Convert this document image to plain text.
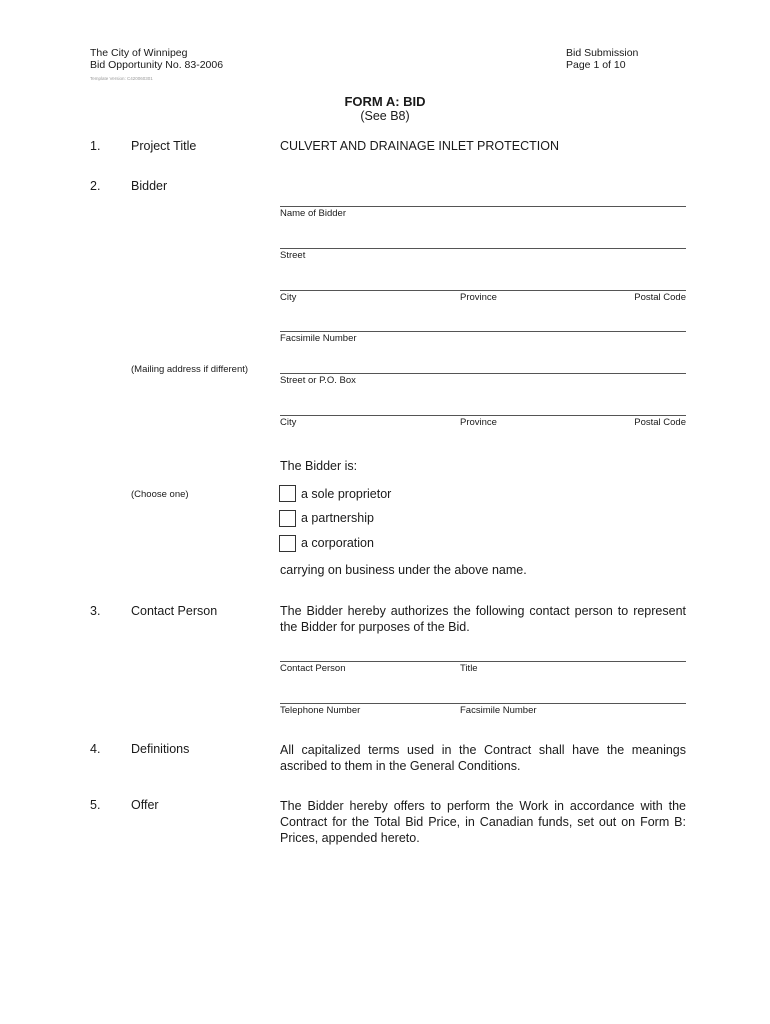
The City of Winnipeg
Bid Opportunity No. 83-2006
Template Version: C420060301
Bid Submission
Page 1 of 10
FORM A: BID
(See B8)
1. Project Title	CULVERT AND DRAINAGE INLET PROTECTION
2. Bidder
Name of Bidder
Street
City	Province	Postal Code
Facsimile Number
(Mailing address if different)
Street or P.O. Box
City	Province	Postal Code
The Bidder is:
(Choose one)	a sole proprietor
a partnership
a corporation
carrying on business under the above name.
3. Contact Person	The Bidder hereby authorizes the following contact person to represent the Bidder for purposes of the Bid.
Contact Person	Title
Telephone Number	Facsimile Number
4. Definitions	All capitalized terms used in the Contract shall have the meanings ascribed to them in the General Conditions.
5. Offer	The Bidder hereby offers to perform the Work in accordance with the Contract for the Total Bid Price, in Canadian funds, set out on Form B: Prices, appended hereto.
